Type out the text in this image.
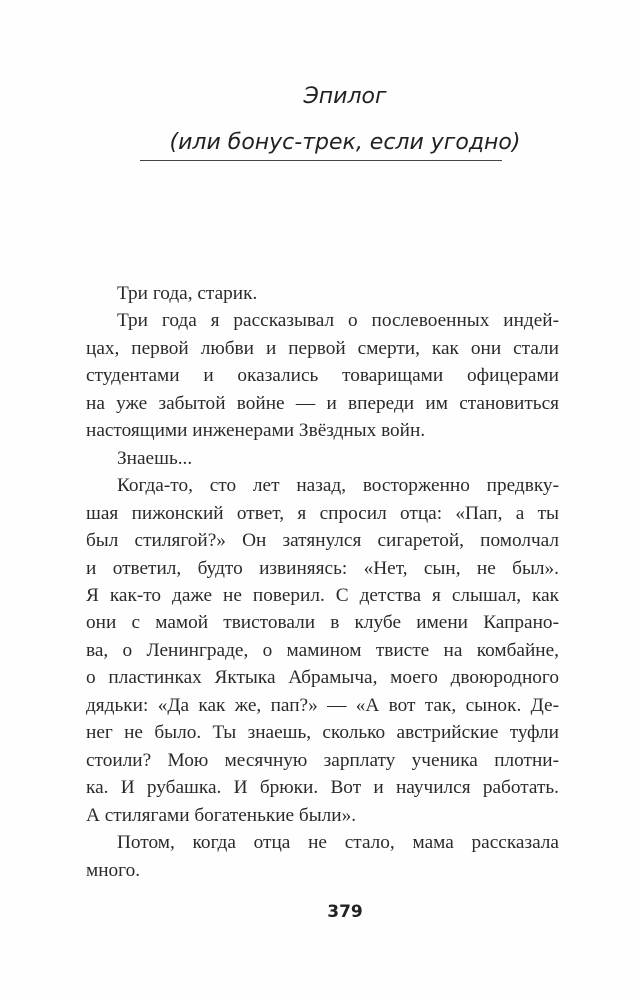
Эпилог
(или бонус-трек, если угодно)
Три года, старик.
Три года я рассказывал о послевоенных индей-
цах, первой любви и первой смерти, как они стали
студентами и оказались товарищами офицерами
на уже забытой войне — и впереди им становиться
настоящими инженерами Звёздных войн.
Знаешь...
Когда-то, сто лет назад, восторженно предвку-
шая пижонский ответ, я спросил отца: «Пап, а ты
был стилягой?» Он затянулся сигаретой, помолчал
и ответил, будто извиняясь: «Нет, сын, не был».
Я как-то даже не поверил. С детства я слышал, как
они с мамой твистовали в клубе имени Капрано-
ва, о Ленинграде, о мамином твисте на комбайне,
о пластинках Яктыка Абрамыча, моего двоюродного
дядьки: «Да как же, пап?» — «А вот так, сынок. Де-
нег не было. Ты знаешь, сколько австрийские туфли
стоили? Мою месячную зарплату ученика плотни-
ка. И рубашка. И брюки. Вот и научился работать.
А стилягами богатенькие были».
Потом, когда отца не стало, мама рассказала
много.
379
